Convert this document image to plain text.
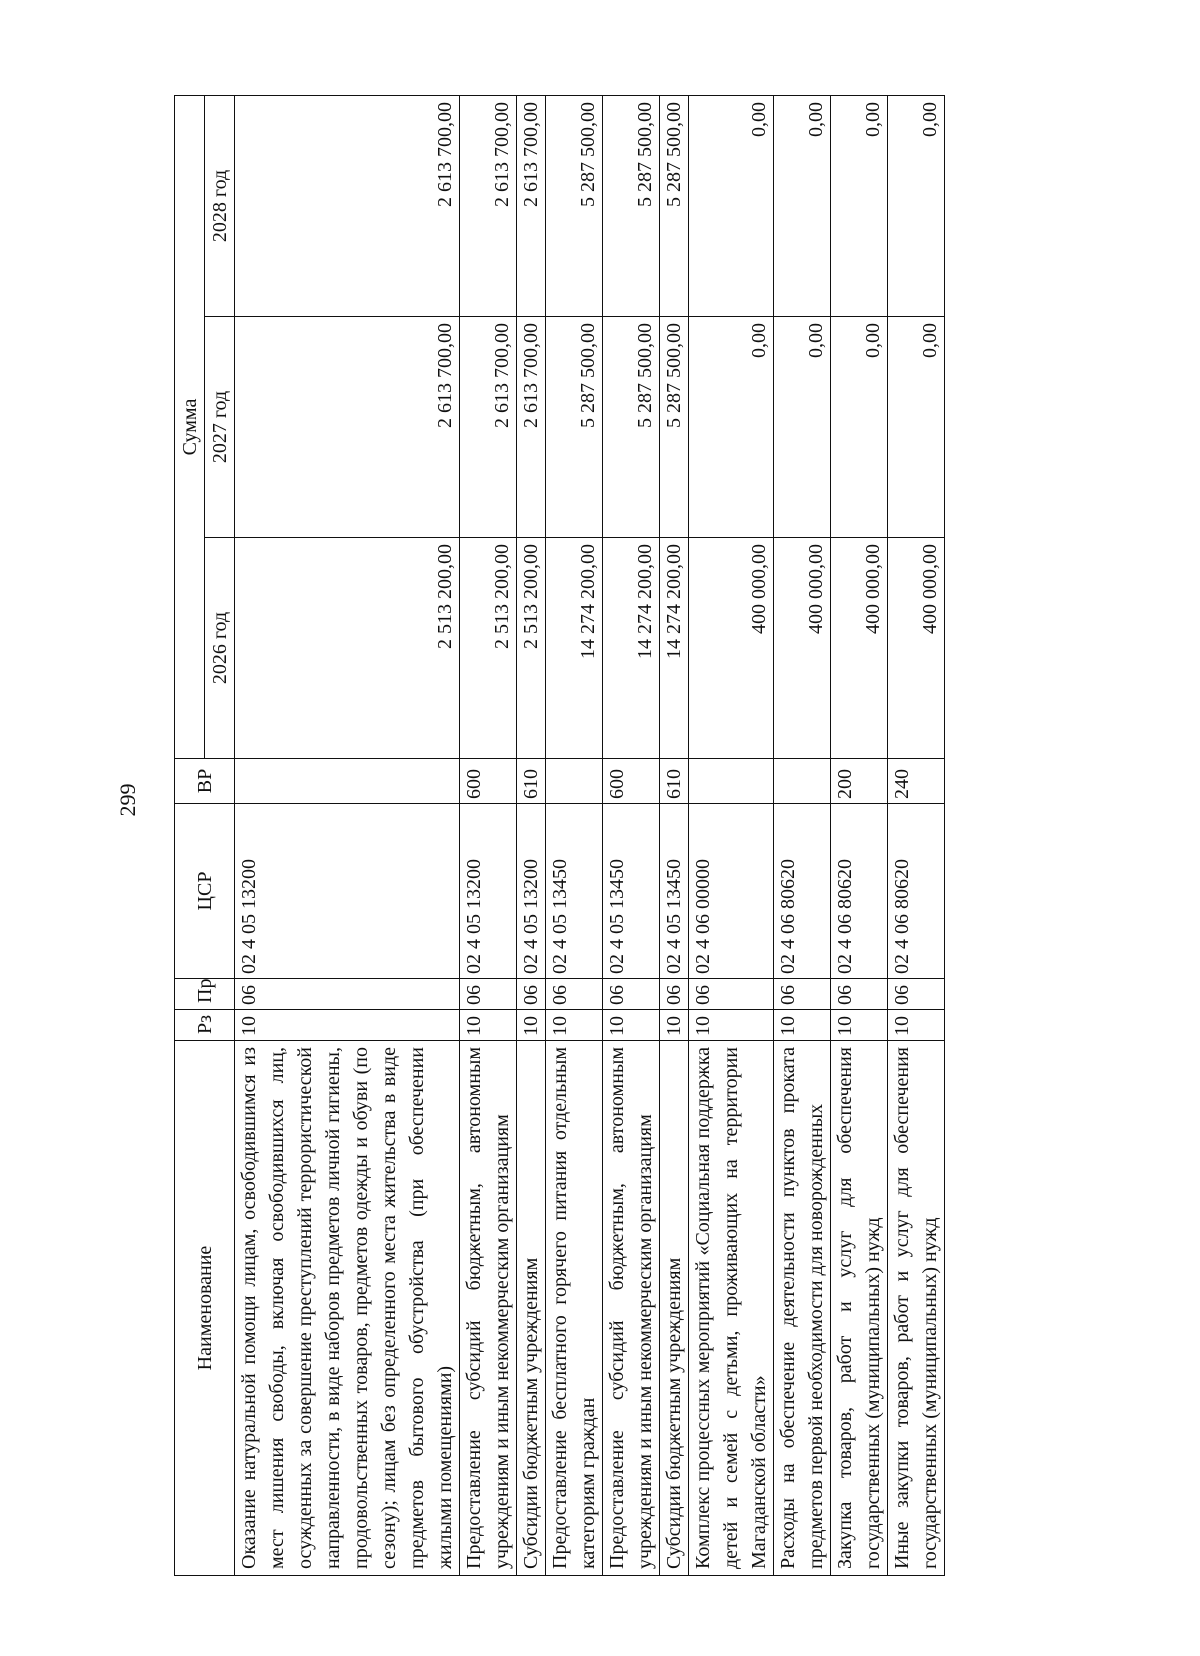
299
Наименование	Рз	Пр	ЦСР	ВР	Сумма		
					2026 год	2027 год	2028 год
Оказание натуральной помощи лицам, освободившимся из мест лишения свободы, включая освободившихся лиц, осужденных за совершение преступлений террористической направленности, в виде наборов предметов личной гигиены, продовольственных товаров, предметов одежды и обуви (по сезону); лицам без определенного места жительства в виде предметов бытового обустройства (при обеспечении жилыми помещениями)	10	06	02 4 05 13200		2 513 200,00	2 613 700,00	2 613 700,00
Предоставление субсидий бюджетным, автономным учреждениям и иным некоммерческим организациям	10	06	02 4 05 13200	600	2 513 200,00	2 613 700,00	2 613 700,00
Субсидии бюджетным учреждениям	10	06	02 4 05 13200	610	2 513 200,00	2 613 700,00	2 613 700,00
Предоставление бесплатного горячего питания отдельным категориям граждан	10	06	02 4 05 13450		14 274 200,00	5 287 500,00	5 287 500,00
Предоставление субсидий бюджетным, автономным учреждениям и иным некоммерческим организациям	10	06	02 4 05 13450	600	14 274 200,00	5 287 500,00	5 287 500,00
Субсидии бюджетным учреждениям	10	06	02 4 05 13450	610	14 274 200,00	5 287 500,00	5 287 500,00
Комплекс процессных мероприятий «Социальная поддержка детей и семей с детьми, проживающих на территории Магаданской области»	10	06	02 4 06 00000		400 000,00	0,00	0,00
Расходы на обеспечение деятельности пунктов проката предметов первой необходимости для новорожденных	10	06	02 4 06 80620		400 000,00	0,00	0,00
Закупка товаров, работ и услуг для обеспечения государственных (муниципальных) нужд	10	06	02 4 06 80620	200	400 000,00	0,00	0,00
Иные закупки товаров, работ и услуг для обеспечения государственных (муниципальных) нужд	10	06	02 4 06 80620	240	400 000,00	0,00	0,00
